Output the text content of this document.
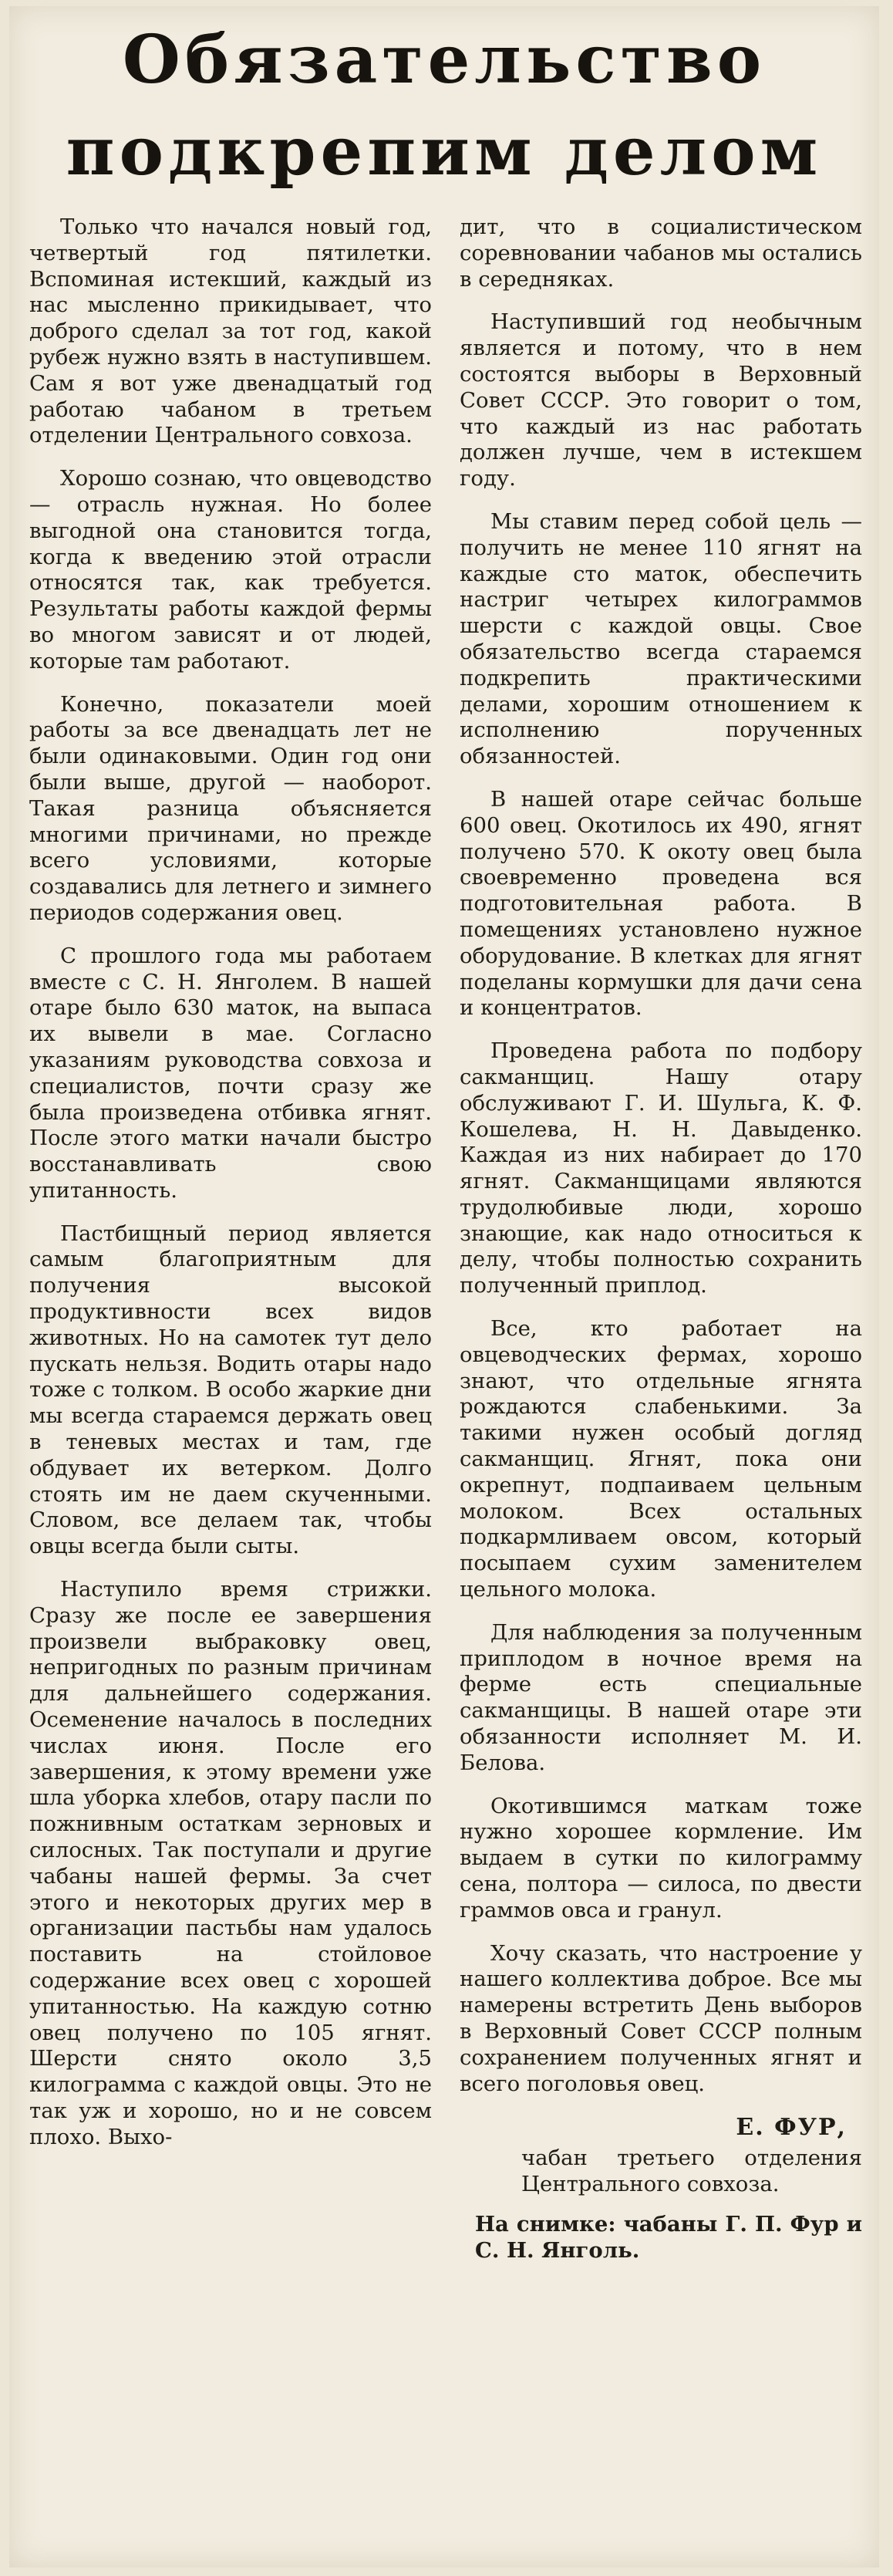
Обязательство
подкрепим делом

Только что начался новый год, четвертый год пятилетки. Вспоминая истекший, каждый из нас мысленно прикидывает, что доброго сделал за тот год, какой рубеж нужно взять в наступившем. Сам я вот уже двенадцатый год работаю чабаном в третьем отделении Центрального совхоза.

Хорошо сознаю, что овцеводство — отрасль нужная. Но более выгодной она становится тогда, когда к введению этой отрасли относятся так, как требуется. Результаты работы каждой фермы во многом зависят и от людей, которые там работают.

Конечно, показатели моей работы за все двенадцать лет не были одинаковыми. Один год они были выше, другой — наоборот. Такая разница объясняется многими причинами, но прежде всего условиями, которые создавались для летнего и зимнего периодов содержания овец.

С прошлого года мы работаем вместе с С. Н. Янголем. В нашей отаре было 630 маток, на выпаса их вывели в мае. Согласно указаниям руководства совхоза и специалистов, почти сразу же была произведена отбивка ягнят. После этого матки начали быстро восстанавливать свою упитанность.

Пастбищный период является самым благоприятным для получения высокой продуктивности всех видов животных. Но на самотек тут дело пускать нельзя. Водить отары надо тоже с толком. В особо жаркие дни мы всегда стараемся держать овец в теневых местах и там, где обдувает их ветерком. Долго стоять им не даем скученными. Словом, все делаем так, чтобы овцы всегда были сыты.

Наступило время стрижки. Сразу же после ее завершения произвели выбраковку овец, непригодных по разным причинам для дальнейшего содержания. Осеменение началось в последних числах июня. После его завершения, к этому времени уже шла уборка хлебов, отару пасли по пожнивным остаткам зерновых и силосных. Так поступали и другие чабаны нашей фермы. За счет этого и некоторых других мер в организации пастьбы нам удалось поставить на стойловое содержание всех овец с хорошей упитанностью. На каждую сотню овец получено по 105 ягнят. Шерсти снято около 3,5 килограмма с каждой овцы. Это не так уж и хорошо, но и не совсем плохо. Выхо-

дит, что в социалистическом соревновании чабанов мы остались в середняках.

Наступивший год необычным является и потому, что в нем состоятся выборы в Верховный Совет СССР. Это говорит о том, что каждый из нас работать должен лучше, чем в истекшем году.

Мы ставим перед собой цель — получить не менее 110 ягнят на каждые сто маток, обеспечить настриг четырех килограммов шерсти с каждой овцы. Свое обязательство всегда стараемся подкрепить практическими делами, хорошим отношением к исполнению порученных обязанностей.

В нашей отаре сейчас больше 600 овец. Окотилось их 490, ягнят получено 570. К окоту овец была своевременно проведена вся подготовительная работа. В помещениях установлено нужное оборудование. В клетках для ягнят поделаны кормушки для дачи сена и концентратов.

Проведена работа по подбору сакманщиц. Нашу отару обслуживают Г. И. Шульга, К. Ф. Кошелева, Н. Н. Давыденко. Каждая из них набирает до 170 ягнят. Сакманщицами являются трудолюбивые люди, хорошо знающие, как надо относиться к делу, чтобы полностью сохранить полученный приплод.

Все, кто работает на овцеводческих фермах, хорошо знают, что отдельные ягнята рождаются слабенькими. За такими нужен особый догляд сакманщиц. Ягнят, пока они окрепнут, подпаиваем цельным молоком. Всех остальных подкармливаем овсом, который посыпаем сухим заменителем цельного молока.

Для наблюдения за полученным приплодом в ночное время на ферме есть специальные сакманщицы. В нашей отаре эти обязанности исполняет М. И. Белова.

Окотившимся маткам тоже нужно хорошее кормление. Им выдаем в сутки по килограмму сена, полтора — силоса, по двести граммов овса и гранул.

Хочу сказать, что настроение у нашего коллектива доброе. Все мы намерены встретить День выборов в Верховный Совет СССР полным сохранением полученных ягнят и всего поголовья овец.

Е. ФУР,
чабан третьего отделения Центрального совхоза.
На снимке: чабаны Г. П. Фур и С. Н. Янголь.
